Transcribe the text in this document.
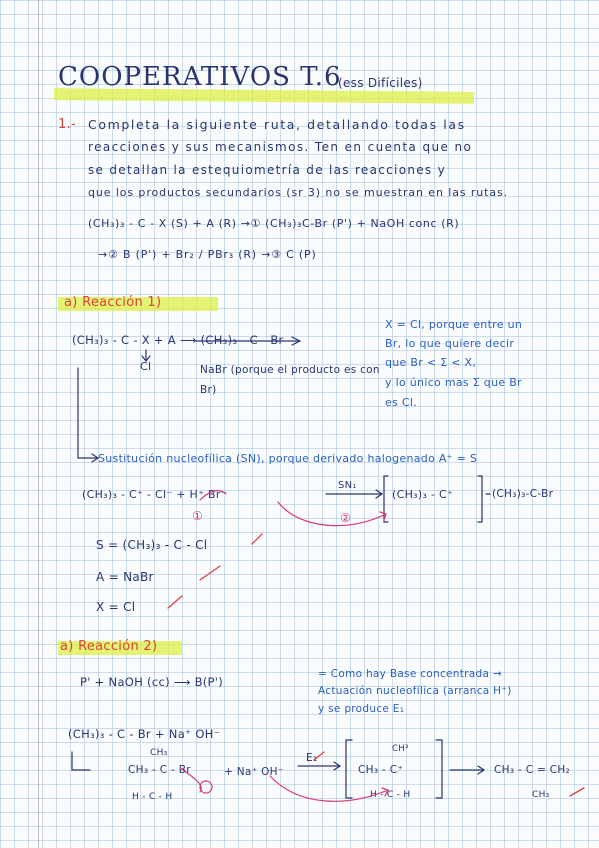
COOPERATIVOS T.6
(ess Difíciles)
1.- Completa la siguiente ruta, detallando todas las
reacciones y sus mecanismos. Ten en cuenta que no
se detallan la estequiometría de las reacciones y
que los productos secundarios (sr 3) no se muestran en las rutas.
(CH₃)₃ - C - X (S) + A (R) →① (CH₃)₃C-Br (P') + NaOH conc (R)
→② B (P') + Br₂ / PBr₃ (R) →③ C (P)
a) Reacción 1)
(CH₃)₃ - C - X + A ⟶ (CH₃)₃ - C - Br
Cl	NaBr (porque el producto es con Br)
X = Cl, porque entre un
Br, lo que quiere decir
que Br < Σ < X,
y lo único mas Σ que Br
es Cl.
Sustitución nucleofílica (SN), porque derivado halogenado A⁺ = S
(CH₃)₃ - C⁺ - Cl⁻ + H⁺ Br⁻
SN₁
(CH₃)₃ - C⁺	(CH₃)₃-C-Br
①	②
S = (CH₃)₃ - C - Cl
A = NaBr
X = Cl
a) Reacción 2)
P' + NaOH (cc) ⟶ B(P')
= Como hay Base concentrada →
Actuación nucleofílica (arranca H⁺)
y se produce E₁
(CH₃)₃ - C - Br + Na⁺ OH⁻
CH₃
CH₃ - C - Br
H - C - H
+ Na⁺ OH⁻
E₁
CH³
CH₃ - C⁺
H - C - H
CH₃ - C = CH₂
CH₃
